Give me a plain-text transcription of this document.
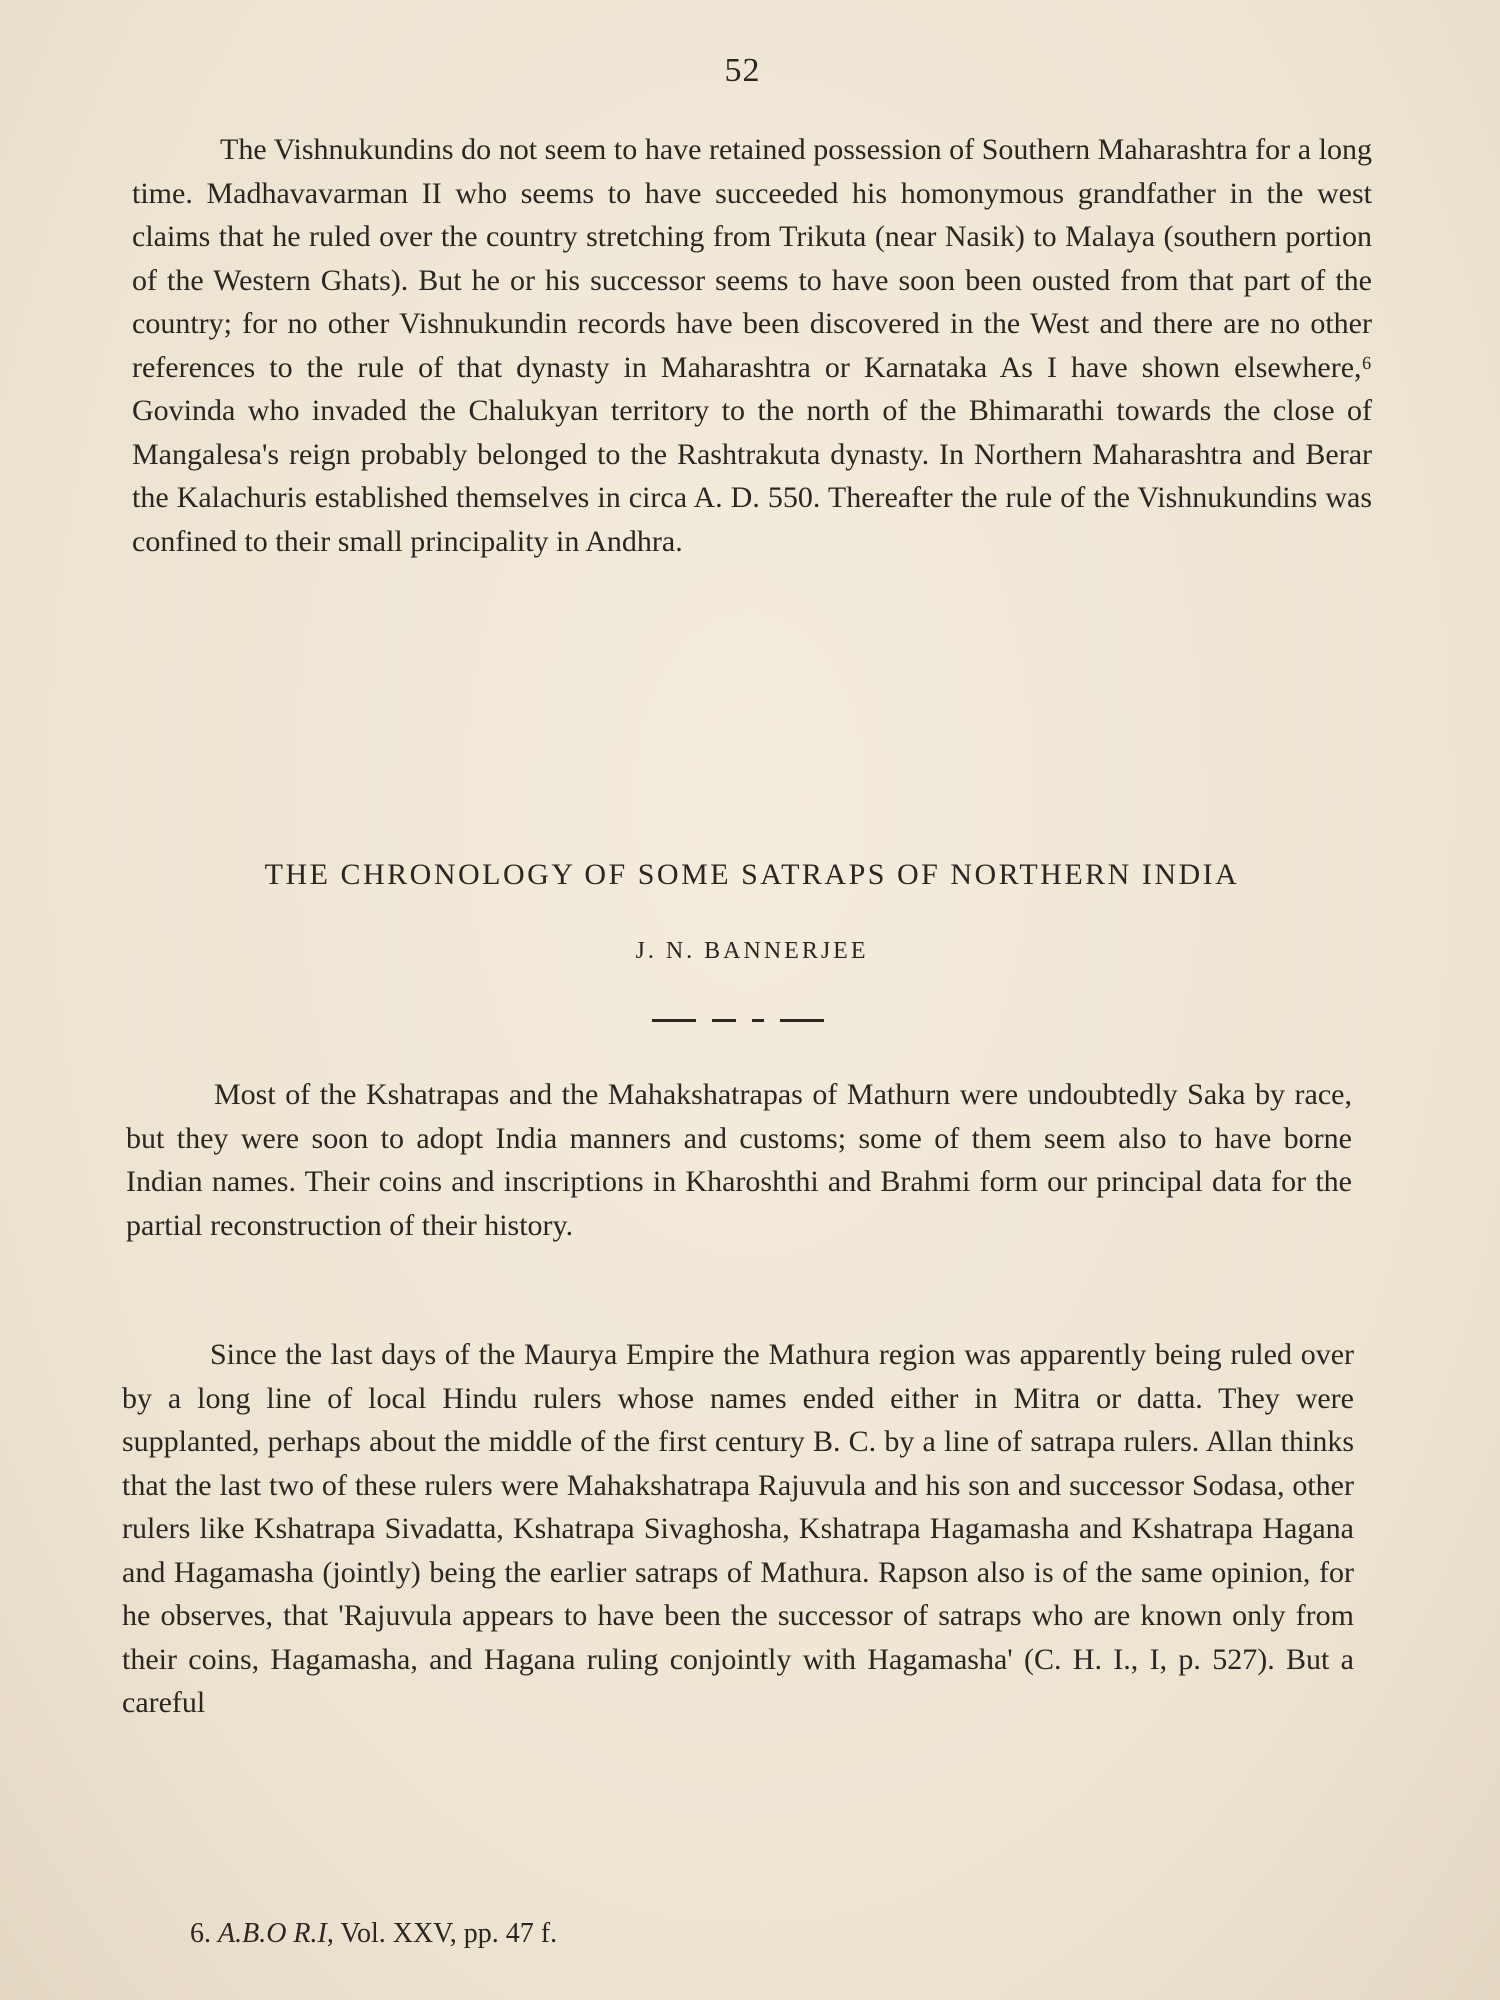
52

The Vishnukundins do not seem to have retained possession of Southern Maharashtra for a long time. Madhavavarman II who seems to have succeeded his homonymous grandfather in the west claims that he ruled over the country stretching from Trikuta (near Nasik) to Malaya (southern portion of the Western Ghats). But he or his successor seems to have soon been ousted from that part of the country; for no other Vishnukundin records have been discovered in the West and there are no other references to the rule of that dynasty in Maharashtra or Karnataka As I have shown elsewhere,⁶ Govinda who invaded the Chalukyan territory to the north of the Bhimarathi towards the close of Mangalesa's reign probably belonged to the Rashtrakuta dynasty. In Northern Maharashtra and Berar the Kalachuris established themselves in circa A. D. 550. Thereafter the rule of the Vishnukundins was confined to their small principality in Andhra.

THE CHRONOLOGY OF SOME SATRAPS OF NORTHERN INDIA
J. N. BANNERJEE

Most of the Kshatrapas and the Mahakshatrapas of Mathurn were undoubtedly Saka by race, but they were soon to adopt India manners and customs; some of them seem also to have borne Indian names. Their coins and inscriptions in Kharoshthi and Brahmi form our principal data for the partial reconstruction of their history.

Since the last days of the Maurya Empire the Mathura region was apparently being ruled over by a long line of local Hindu rulers whose names ended either in Mitra or datta. They were supplanted, perhaps about the middle of the first century B. C. by a line of satrapa rulers. Allan thinks that the last two of these rulers were Mahakshatrapa Rajuvula and his son and successor Sodasa, other rulers like Kshatrapa Sivadatta, Kshatrapa Sivaghosha, Kshatrapa Hagamasha and Kshatrapa Hagana and Hagamasha (jointly) being the earlier satraps of Mathura. Rapson also is of the same opinion, for he observes, that 'Rajuvula appears to have been the successor of satraps who are known only from their coins, Hagamasha, and Hagana ruling conjointly with Hagamasha' (C. H. I., I, p. 527). But a careful

6. A.B.O R.I, Vol. XXV, pp. 47 f.
